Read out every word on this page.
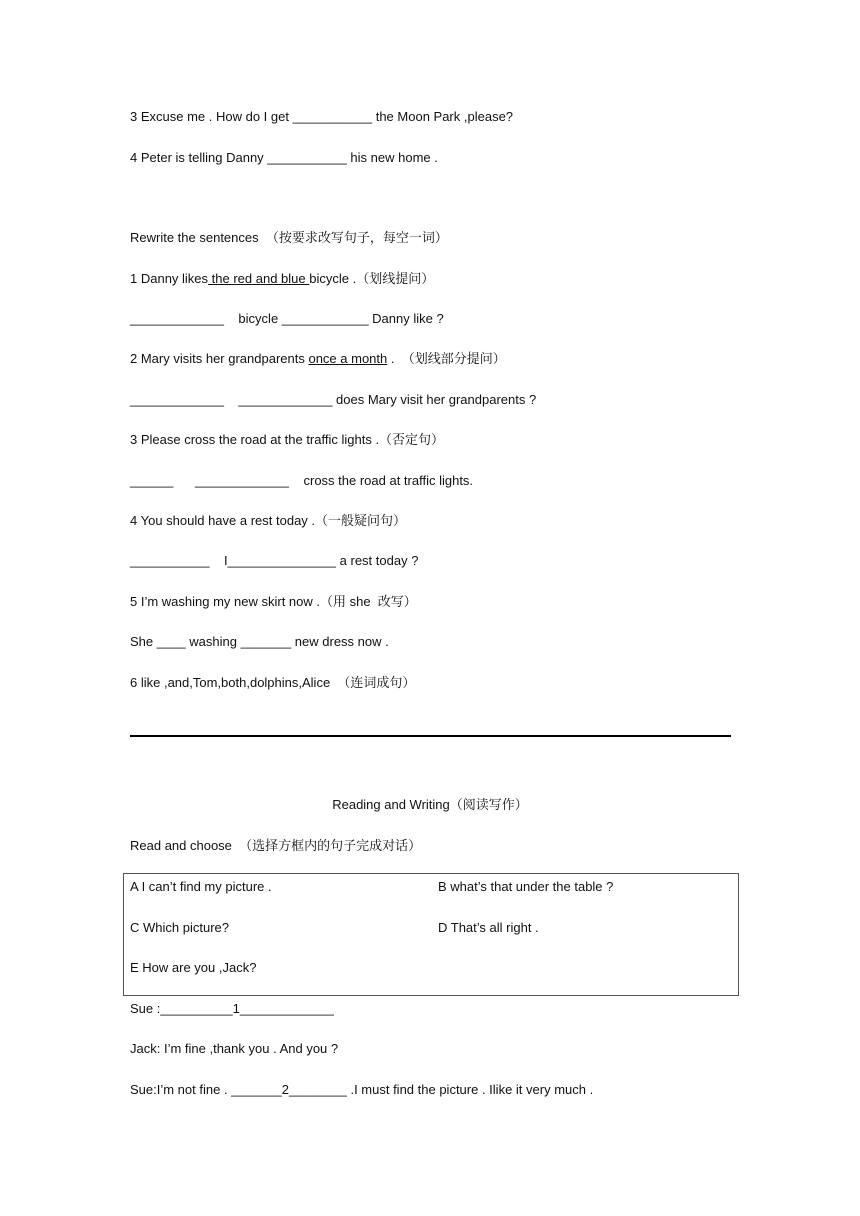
3 Excuse me . How do I get ___________ the Moon Park ,please?
4 Peter is telling Danny ___________ his new home .
Rewrite the sentences  （按要求改写句子，每空一词）
1 Danny likes the red and blue bicycle .（划线提问）
_____________    bicycle ____________ Danny like ?
2 Mary visits her grandparents once a month .  （划线部分提问）
_____________    _____________ does Mary visit her grandparents ?
3 Please cross the road at the traffic lights .（否定句）
______      _____________    cross the road at traffic lights.
4 You should have a rest today .（一般疑问句）
___________    I_______________ a rest today ?
5 I’m washing my new skirt now .（用 she  改写）
She ____ washing _______ new dress now .
6 like ,and,Tom,both,dolphins,Alice  （连词成句）
Reading and Writing（阅读写作）
Read and choose  （选择方框内的句子完成对话）
A I can’t find my picture .	B what’s that under the table ?
C Which picture?	D That’s all right .
E How are you ,Jack?
Sue :__________1_____________
Jack: I’m fine ,thank you . And you ?
Sue:I’m not fine . _______2________ .I must find the picture . Ilike it very much .
